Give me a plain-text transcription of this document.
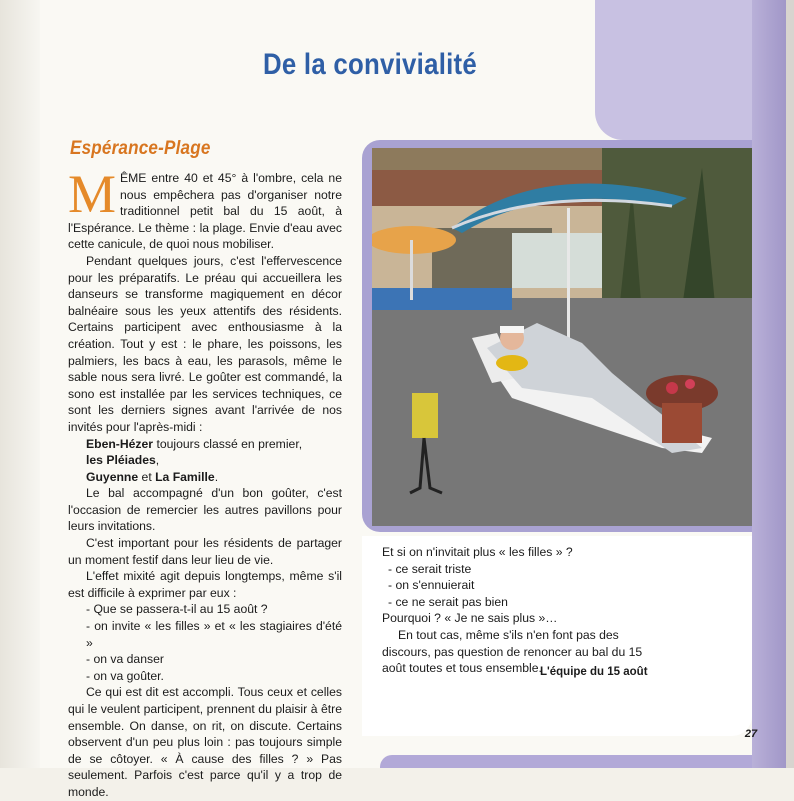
De la convivialité
Espérance-Plage

MÊME entre 40 et 45° à l'ombre, cela ne nous empêchera pas d'organiser notre traditionnel petit bal du 15 août, à l'Espérance. Le thème : la plage. Envie d'eau avec cette canicule, de quoi nous mobiliser.

Pendant quelques jours, c'est l'effervescence pour les préparatifs. Le préau qui accueillera les danseurs se transforme magiquement en décor balnéaire sous les yeux attentifs des résidents. Certains participent avec enthousiasme à la création. Tout y est : le phare, les poissons, les palmiers, les bacs à eau, les parasols, même le sable nous sera livré. Le goûter est commandé, la sono est installée par les services techniques, ce sont les derniers signes avant l'arrivée de nos invités pour l'après-midi :

Eben-Hézer toujours classé en premier,

les Pléiades,

Guyenne et La Famille.

Le bal accompagné d'un bon goûter, c'est l'occasion de remercier les autres pavillons pour leurs invitations.

C'est important pour les résidents de partager un moment festif dans leur lieu de vie.

L'effet mixité agit depuis longtemps, même s'il est difficile à exprimer par eux :

- Que se passera-t-il au 15 août ?
- on invite « les filles » et « les stagiaires d'été »
- on va danser
- on va goûter.

Ce qui est dit est accompli. Tous ceux et celles qui le veulent participent, prennent du plaisir à être ensemble. On danse, on rit, on discute. Certains observent d'un peu plus loin : pas toujours simple de se côtoyer. « À cause des filles ? » Pas seulement. Parfois c'est parce qu'il y a trop de monde.

Et si on n'invitait plus « les filles » ?

- ce serait triste

- on s'ennuierait

- ce ne serait pas bien

Pourquoi ? « Je ne sais plus »…

En tout cas, même s'ils n'en font pas des discours, pas question de renoncer au bal du 15 août toutes et tous ensemble.

L'équipe du 15 août
27
